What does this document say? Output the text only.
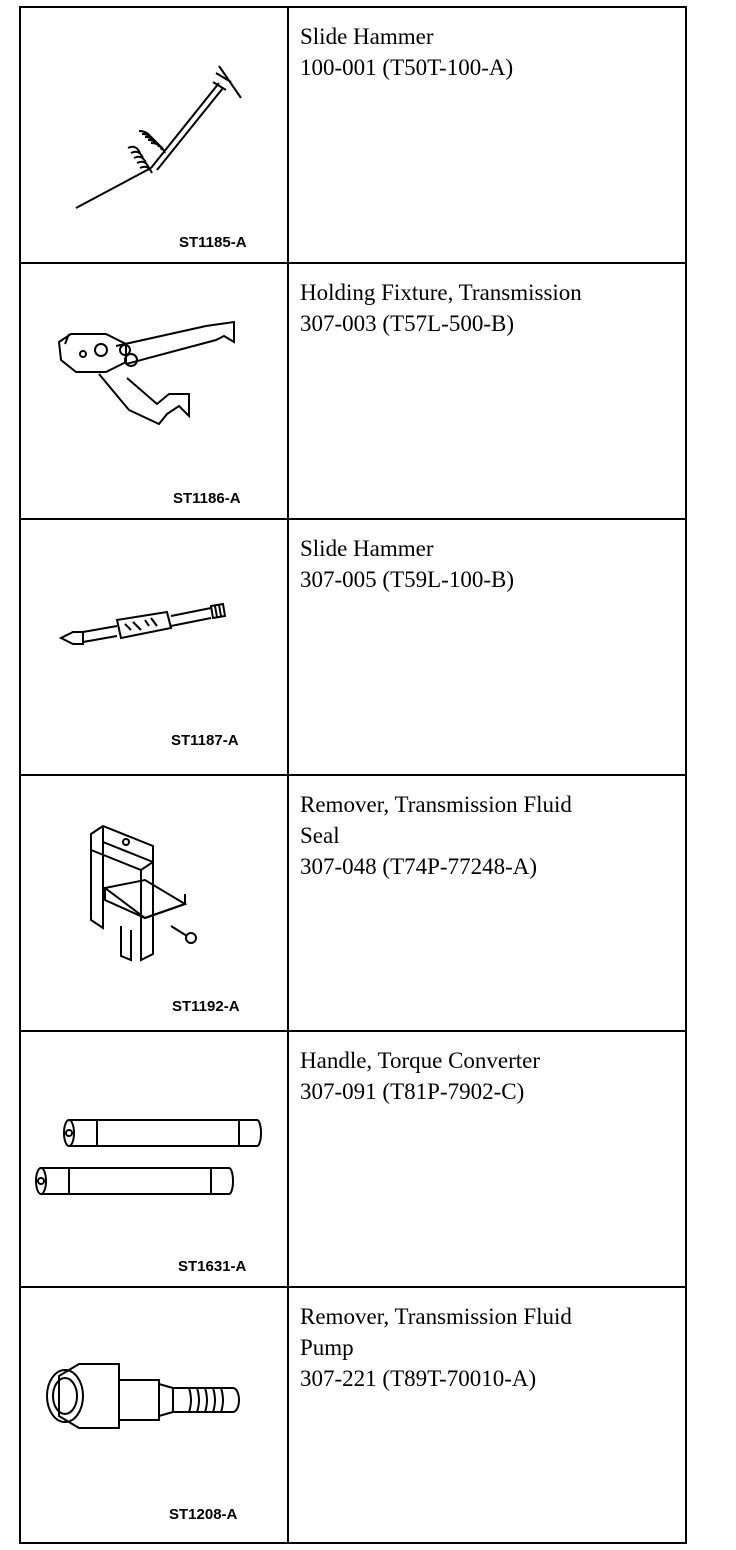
ST1185-A	Slide Hammer
100-001 (T50T-100-A)

ST1186-A	Holding Fixture, Transmission
307-003 (T57L-500-B)

ST1187-A	Slide Hammer
307-005 (T59L-100-B)

ST1192-A	Remover, Transmission Fluid
Seal
307-048 (T74P-77248-A)

ST1631-A	Handle, Torque Converter
307-091 (T81P-7902-C)

ST1208-A	Remover, Transmission Fluid
Pump
307-221 (T89T-70010-A)
